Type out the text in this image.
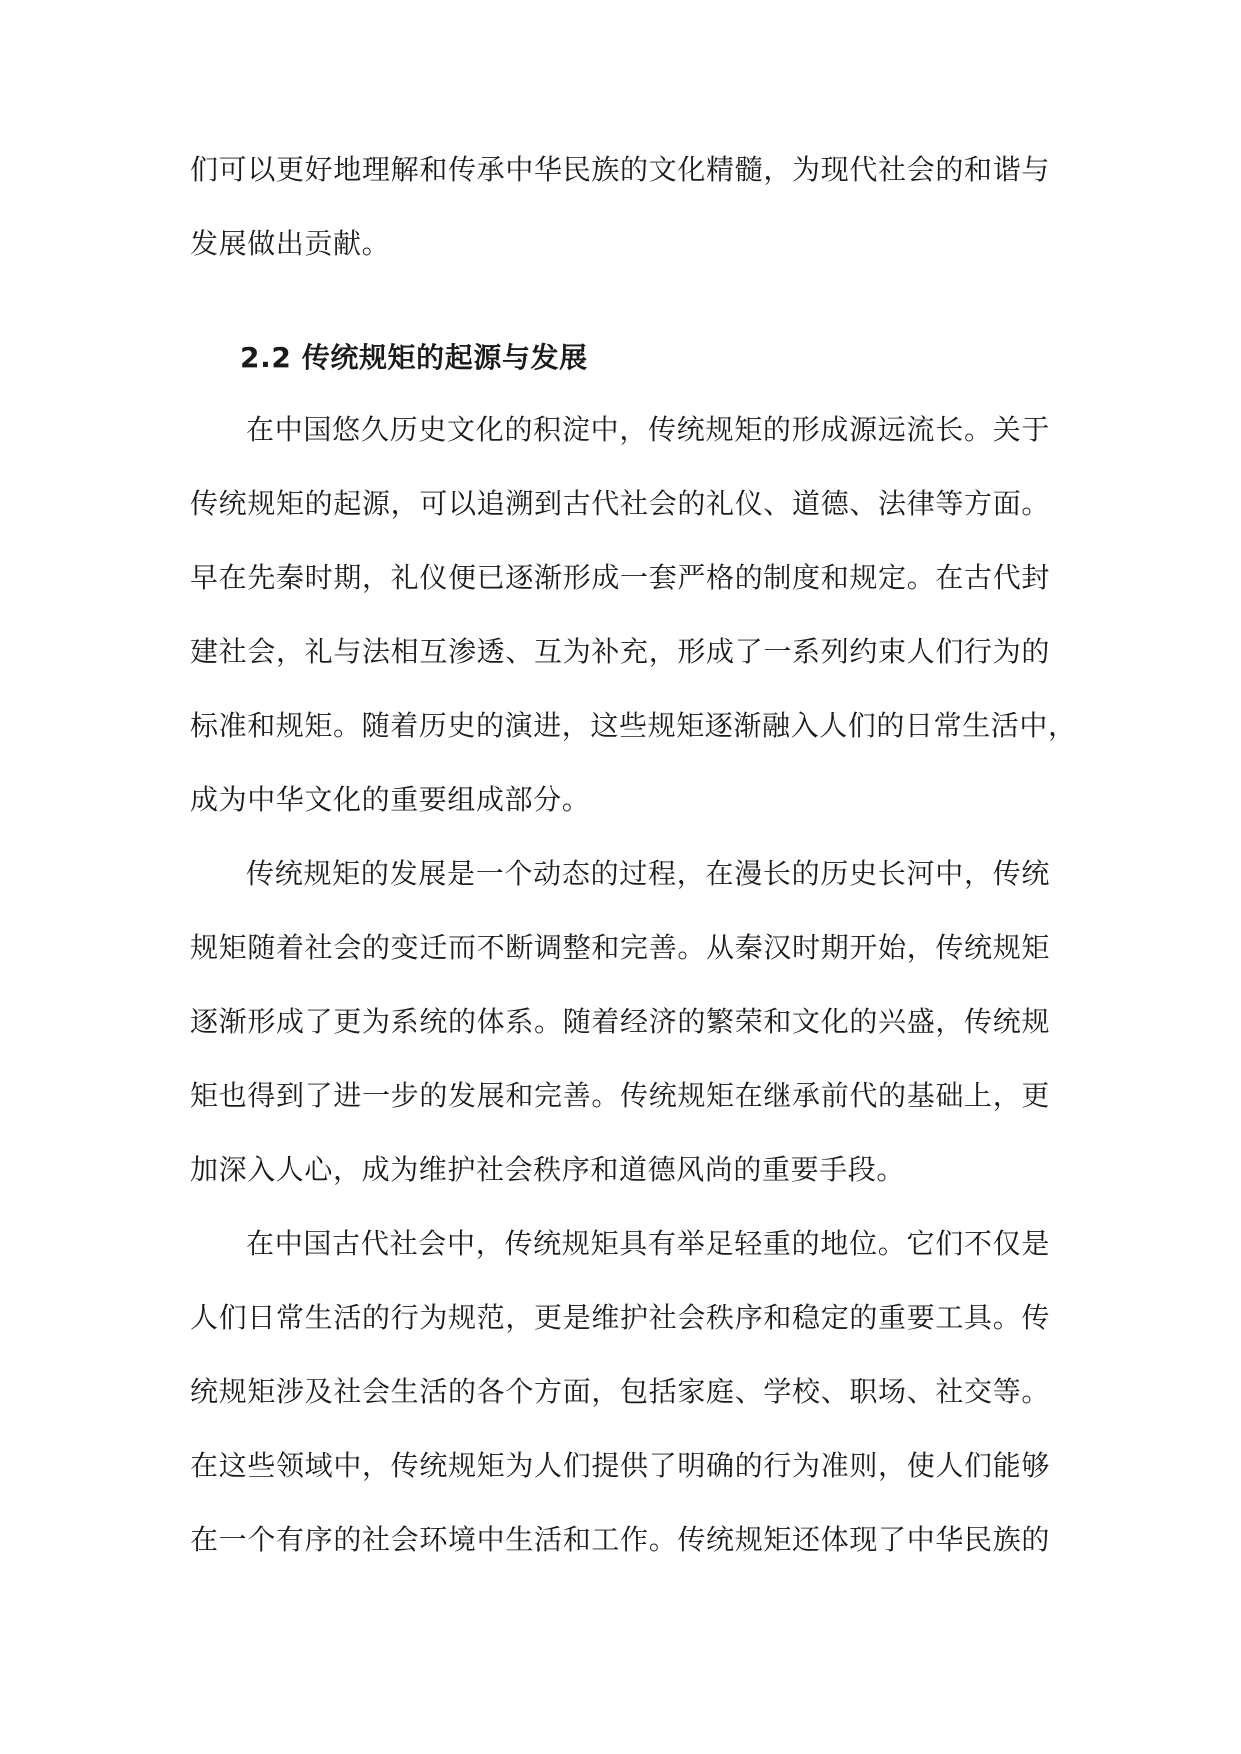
们可以更好地理解和传承中华民族的文化精髓，为现代社会的和谐与
发展做出贡献。
2.2 传统规矩的起源与发展
在中国悠久历史文化的积淀中，传统规矩的形成源远流长。关于
传统规矩的起源，可以追溯到古代社会的礼仪、道德、法律等方面。
早在先秦时期，礼仪便已逐渐形成一套严格的制度和规定。在古代封
建社会，礼与法相互渗透、互为补充，形成了一系列约束人们行为的
标准和规矩。随着历史的演进，这些规矩逐渐融入人们的日常生活中，
成为中华文化的重要组成部分。
传统规矩的发展是一个动态的过程，在漫长的历史长河中，传统
规矩随着社会的变迁而不断调整和完善。从秦汉时期开始，传统规矩
逐渐形成了更为系统的体系。随着经济的繁荣和文化的兴盛，传统规
矩也得到了进一步的发展和完善。传统规矩在继承前代的基础上，更
加深入人心，成为维护社会秩序和道德风尚的重要手段。
在中国古代社会中，传统规矩具有举足轻重的地位。它们不仅是
人们日常生活的行为规范，更是维护社会秩序和稳定的重要工具。传
统规矩涉及社会生活的各个方面，包括家庭、学校、职场、社交等。
在这些领域中，传统规矩为人们提供了明确的行为准则，使人们能够
在一个有序的社会环境中生活和工作。传统规矩还体现了中华民族的
